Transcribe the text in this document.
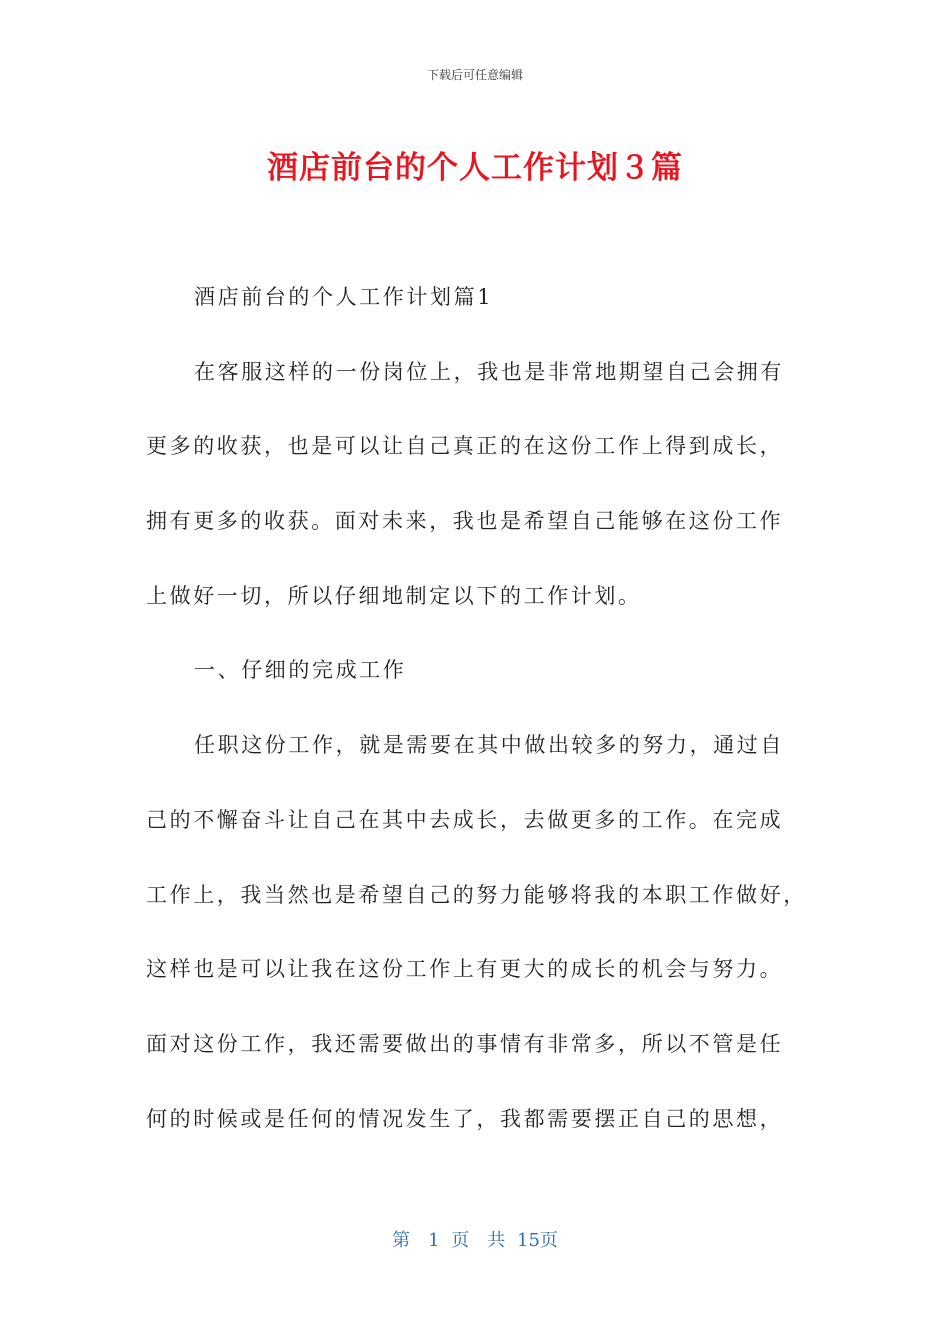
下载后可任意编辑
酒店前台的个人工作计划３篇
酒店前台的个人工作计划篇1
在客服这样的一份岗位上，我也是非常地期望自己会拥有
更多的收获，也是可以让自己真正的在这份工作上得到成长，
拥有更多的收获。面对未来，我也是希望自己能够在这份工作
上做好一切，所以仔细地制定以下的工作计划。
一、仔细的完成工作
任职这份工作，就是需要在其中做出较多的努力，通过自
己的不懈奋斗让自己在其中去成长，去做更多的工作。在完成
工作上，我当然也是希望自己的努力能够将我的本职工作做好，
这样也是可以让我在这份工作上有更大的成长的机会与努力。
面对这份工作，我还需要做出的事情有非常多，所以不管是任
何的时候或是任何的情况发生了，我都需要摆正自己的思想，
第　1 页　共 15页
